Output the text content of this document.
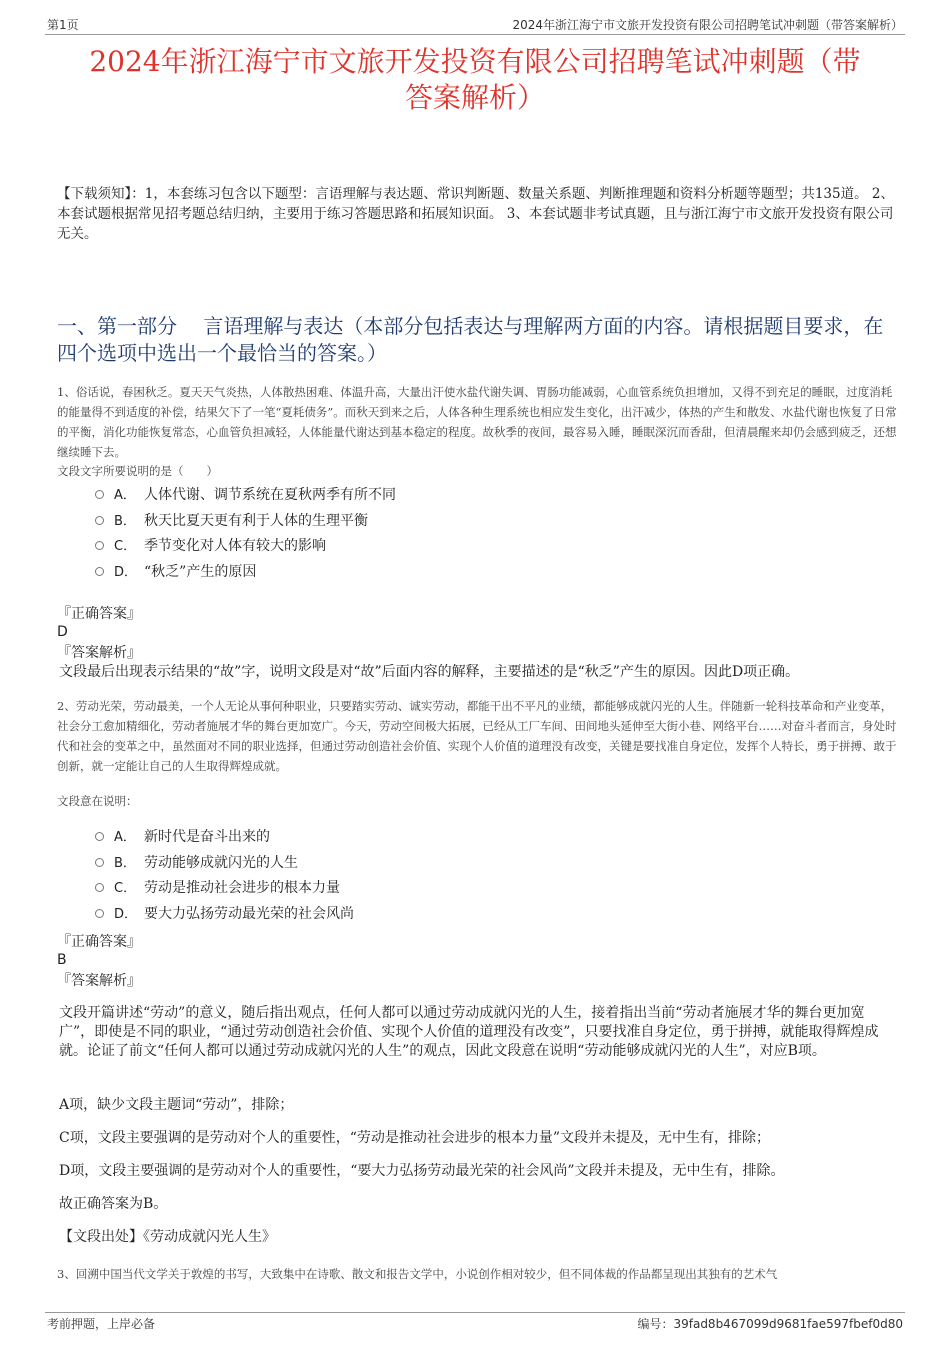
第1页	2024年浙江海宁市文旅开发投资有限公司招聘笔试冲刺题（带答案解析）
2024年浙江海宁市文旅开发投资有限公司招聘笔试冲刺题（带
答案解析）
【下载须知】：1，本套练习包含以下题型：言语理解与表达题、常识判断题、数量关系题、判断推理题和资料分析题等题型；共135道。 2、本套试题根据常见招考题总结归纳，主要用于练习答题思路和拓展知识面。 3、本套试题非考试真题，且与浙江海宁市文旅开发投资有限公司无关。
一、第一部分　 言语理解与表达（本部分包括表达与理解两方面的内容。请根据题目要求，在四个选项中选出一个最恰当的答案。）
1、俗话说，春困秋乏。夏天天气炎热，人体散热困难、体温升高，大量出汗使水盐代谢失调、胃肠功能减弱，心血管系统负担增加，又得不到充足的睡眠，过度消耗的能量得不到适度的补偿，结果欠下了一笔“夏耗债务”。而秋天到来之后，人体各种生理系统也相应发生变化，出汗减少，体热的产生和散发、水盐代谢也恢复了日常的平衡，消化功能恢复常态，心血管负担减轻，人体能量代谢达到基本稳定的程度。故秋季的夜间，最容易入睡，睡眠深沉而香甜，但清晨醒来却仍会感到疲乏，还想继续睡下去。
文段文字所要说明的是（　　）
A． 人体代谢、调节系统在夏秋两季有所不同
B． 秋天比夏天更有利于人体的生理平衡
C． 季节变化对人体有较大的影响
D． “秋乏”产生的原因
『正确答案』
D
『答案解析』
文段最后出现表示结果的“故”字，说明文段是对“故”后面内容的解释，主要描述的是“秋乏”产生的原因。因此D项正确。
2、劳动光荣，劳动最美，一个人无论从事何种职业，只要踏实劳动、诚实劳动，都能干出不平凡的业绩，都能够成就闪光的人生。伴随新一轮科技革命和产业变革，社会分工愈加精细化，劳动者施展才华的舞台更加宽广。今天，劳动空间极大拓展，已经从工厂车间、田间地头延伸至大街小巷、网络平台……对奋斗者而言，身处时代和社会的变革之中，虽然面对不同的职业选择，但通过劳动创造社会价值、实现个人价值的道理没有改变，关键是要找准自身定位，发挥个人特长，勇于拼搏、敢于创新，就一定能让自己的人生取得辉煌成就。
文段意在说明：
A． 新时代是奋斗出来的
B． 劳动能够成就闪光的人生
C． 劳动是推动社会进步的根本力量
D． 要大力弘扬劳动最光荣的社会风尚
『正确答案』
B
『答案解析』
文段开篇讲述“劳动”的意义，随后指出观点，任何人都可以通过劳动成就闪光的人生，接着指出当前“劳动者施展才华的舞台更加宽广”，即使是不同的职业，“通过劳动创造社会价值、实现个人价值的道理没有改变”，只要找准自身定位，勇于拼搏，就能取得辉煌成就。论证了前文“任何人都可以通过劳动成就闪光的人生”的观点，因此文段意在说明“劳动能够成就闪光的人生”，对应B项。
A项，缺少文段主题词“劳动”，排除；
C项，文段主要强调的是劳动对个人的重要性，“劳动是推动社会进步的根本力量”文段并未提及，无中生有，排除；
D项，文段主要强调的是劳动对个人的重要性，“要大力弘扬劳动最光荣的社会风尚”文段并未提及，无中生有，排除。
故正确答案为B。
【文段出处】《劳动成就闪光人生》
3、回溯中国当代文学关于敦煌的书写，大致集中在诗歌、散文和报告文学中，小说创作相对较少，但不同体裁的作品都呈现出其独有的艺术气
考前押题，上岸必备	编号：39fad8b467099d9681fae597fbef0d80
